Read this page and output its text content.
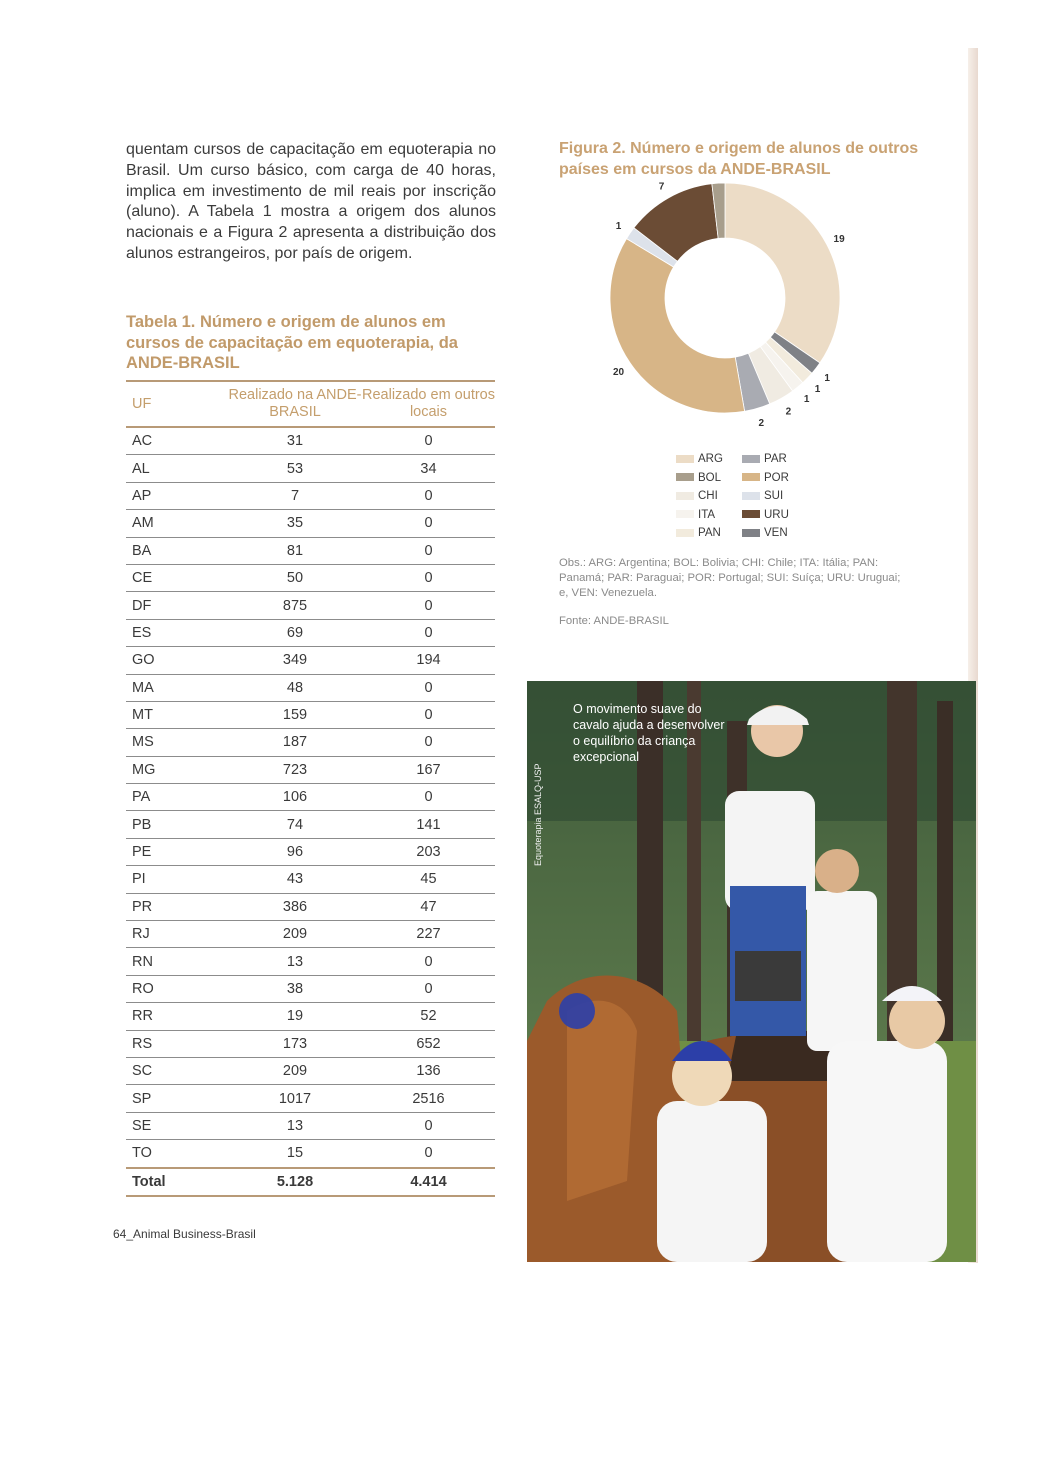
quentam cursos de capacitação em equoterapia no Brasil. Um curso básico, com carga de 40 horas, implica em investimento de mil reais por inscrição (aluno). A Tabela 1 mostra a origem dos alunos nacionais e a Figura 2 apresenta a distribuição dos alunos estrangeiros, por país de origem.

Tabela 1. Número e origem de alunos em cursos de capacitação em equoterapia, da ANDE-BRASIL
UF	Realizado na ANDE-BRASIL	Realizado em outros locais
AC	31	0
AL	53	34
AP	7	0
AM	35	0
BA	81	0
CE	50	0
DF	875	0
ES	69	0
GO	349	194
MA	48	0
MT	159	0
MS	187	0
MG	723	167
PA	106	0
PB	74	141
PE	96	203
PI	43	45
PR	386	47
RJ	209	227
RN	13	0
RO	38	0
RR	19	52
RS	173	652
SC	209	136
SP	1017	2516
SE	13	0
TO	15	0
Total	5.128	4.414
64_Animal Business-Brasil
Figura 2. Número e origem de alunos de outros países em cursos da ANDE-BRASIL
19
1
1
1
2
2
20
1
7
ARG
BOL
CHI
ITA
PAN
PAR
POR
SUI
URU
VEN

Obs.: ARG: Argentina; BOL: Bolivia; CHI: Chile; ITA: Itália; PAN: Panamá; PAR: Paraguai; POR: Portugal; SUI: Suíça; URU: Uruguai; e, VEN: Venezuela.

Fonte: ANDE-BRASIL

O movimento suave do cavalo ajuda a desenvolver o equilíbrio da criança excepcional
Equoterapia ESALQ-USP
